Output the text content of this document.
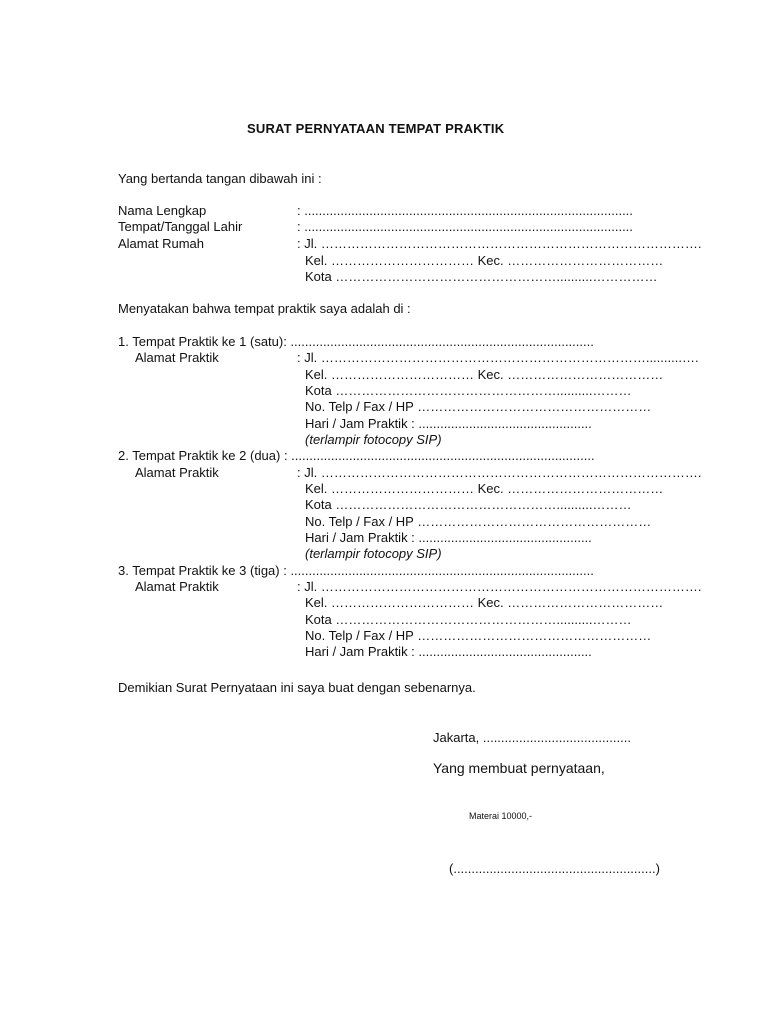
SURAT PERNYATAAN TEMPAT PRAKTIK
Yang bertanda tangan dibawah ini :
Nama Lengkap	: ...........................................................................................
Tempat/Tanggal Lahir	: ...........................................................................................
Alamat Rumah	: Jl. …………………………………………………………………………….
Kel. …………………………… Kec. ………………………………
Kota ……………………………………………..........……………
Menyatakan bahwa tempat praktik saya adalah di :
1. Tempat Praktik ke 1 (satu): ....................................................................................
Alamat Praktik	: Jl. …………………………………………………………………..........….
Kel. …………………………… Kec. ………………………………
Kota ……………………………………………..........………
No. Telp / Fax / HP ………………………………………………
Hari / Jam Praktik : ................................................
(terlampir fotocopy SIP)
2. Tempat Praktik ke 2 (dua) : ....................................................................................
Alamat Praktik	: Jl. …………………………………………………………………………….
Kel. …………………………… Kec. ………………………………
Kota ……………………………………………..........………
No. Telp / Fax / HP ………………………………………………
Hari / Jam Praktik : ................................................
(terlampir fotocopy SIP)
3. Tempat Praktik ke 3 (tiga) : ....................................................................................
Alamat Praktik	: Jl. …………………………………………………………………………….
Kel. …………………………… Kec. ………………………………
Kota ……………………………………………..........………
No. Telp / Fax / HP ………………………………………………
Hari / Jam Praktik : ................................................
Demikian Surat Pernyataan ini saya buat dengan sebenarnya.
Jakarta, .........................................
Yang membuat pernyataan,
Materai 10000,-
(........................................................)
